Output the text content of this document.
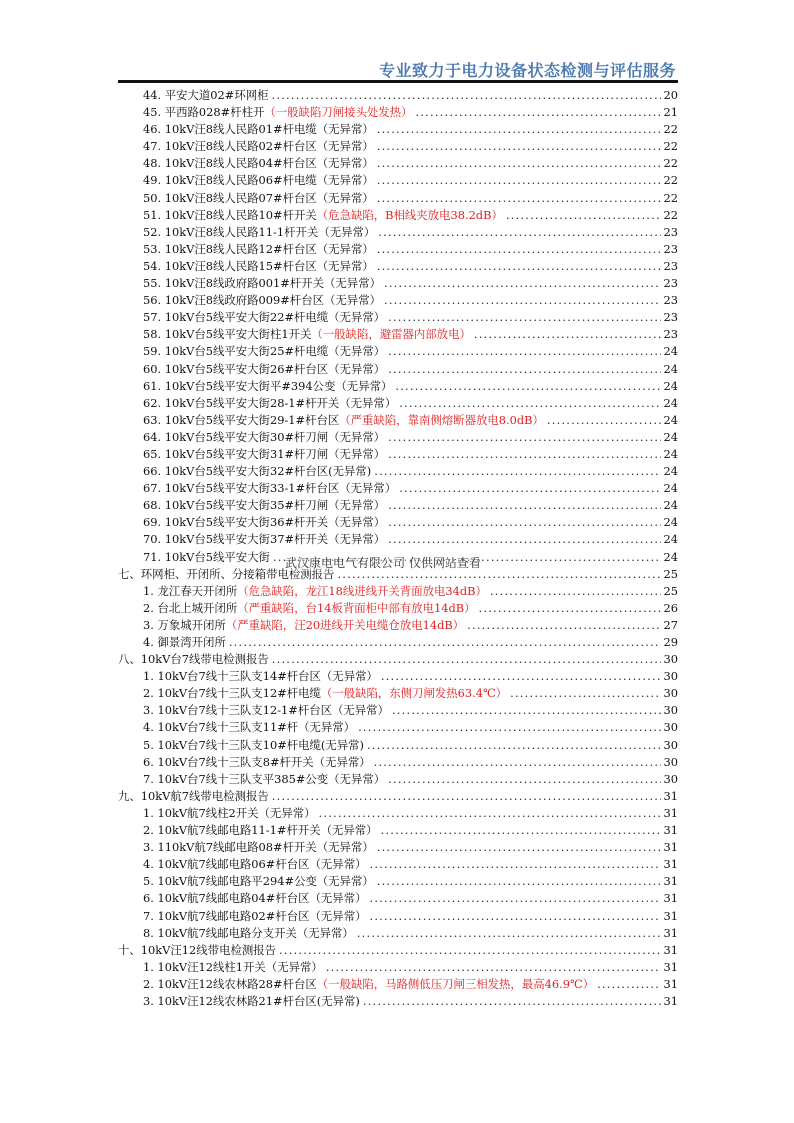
专业致力于电力设备状态检测与评估服务
44. 平安大道02#环网柜 . . .	20
45. 平西路028#杆柱开 （一般缺陷刀闸接头处发热） . . .	21
46. 10kV汪8线人民路01#杆电缆（无异常） . . .	22
47. 10kV汪8线人民路02#杆台区（无异常） . . .	22
48. 10kV汪8线人民路04#杆台区（无异常） . . .	22
49. 10kV汪8线人民路06#杆电缆（无异常） . . .	22
50. 10kV汪8线人民路07#杆台区（无异常） . . .	22
51. 10kV汪8线人民路10#杆开关 （危急缺陷，B相线夹放电38.2dB） . . .	22
52. 10kV汪8线人民路11-1杆开关（无异常） . . .	23
53. 10kV汪8线人民路12#杆台区（无异常） . . .	23
54. 10kV汪8线人民路15#杆台区（无异常） . . .	23
55. 10kV汪8线政府路001#杆开关（无异常） . . .	23
56. 10kV汪8线政府路009#杆台区（无异常） . . .	23
57. 10kV台5线平安大街22#杆电缆（无异常） . . .	23
58. 10kV台5线平安大街柱1开关 （一般缺陷，避雷器内部放电） . . .	23
59. 10kV台5线平安大街25#杆电缆（无异常） . . .	24
60. 10kV台5线平安大街26#杆台区（无异常） . . .	24
61. 10kV台5线平安大街平#394公变（无异常） . . .	24
62. 10kV台5线平安大街28-1#杆开关（无异常） . . .	24
63. 10kV台5线平安大街29-1#杆台区 （严重缺陷，靠南侧熔断器放电8.0dB） . . .	24
64. 10kV台5线平安大街30#杆刀闸（无异常） . . .	24
65. 10kV台5线平安大街31#杆刀闸（无异常） . . .	24
66. 10kV台5线平安大街32#杆台区(无异常) . . .	24
67. 10kV台5线平安大街33-1#杆台区（无异常） . . .	24
68. 10kV台5线平安大街35#杆刀闸（无异常） . . .	24
69. 10kV台5线平安大街36#杆开关（无异常） . . .	24
70. 10kV台5线平安大街37#杆开关（无异常） . . .	24
71. 10kV台5线平安大街 . . .	24
七、环网柜、开闭所、分接箱带电检测报告 . . .	25
1. 龙江春天开闭所 （危急缺陷，龙江18线进线开关背面放电34dB） . . .	25
2. 台北上城开闭所 （严重缺陷，台14板背面柜中部有放电14dB） . . .	26
3. 万象城开闭所 （严重缺陷，汪20进线开关电缆仓放电14dB） . . .	27
4. 御景湾开闭所 . . .	29
八、10kV台7线带电检测报告 . . .	30
1. 10kV台7线十三队支14#杆台区（无异常） . . .	30
2. 10kV台7线十三队支12#杆电缆 （一般缺陷，东侧刀闸发热63.4℃） . . .	30
3. 10kV台7线十三队支12-1#杆台区（无异常） . . .	30
4. 10kV台7线十三队支11#杆（无异常） . . .	30
5. 10kV台7线十三队支10#杆电缆(无异常) . . .	30
6. 10kV台7线十三队支8#杆开关（无异常） . . .	30
7. 10kV台7线十三队支平385#公变（无异常） . . .	30
九、10kV航7线带电检测报告 . . .	31
1. 10kV航7线柱2开关（无异常） . . .	31
2. 10kV航7线邮电路11-1#杆开关（无异常） . . .	31
3. 110kV航7线邮电路08#杆开关（无异常） . . .	31
4. 10kV航7线邮电路06#杆台区（无异常） . . .	31
5. 10kV航7线邮电路平294#公变（无异常） . . .	31
6. 10kV航7线邮电路04#杆台区（无异常） . . .	31
7. 10kV航7线邮电路02#杆台区（无异常） . . .	31
8. 10kV航7线邮电路分支开关（无异常） . . .	31
十、10kV汪12线带电检测报告 . . .	31
1. 10kV汪12线柱1开关（无异常） . . .	31
2. 10kV汪12线农林路28#杆台区 （一般缺陷，马路侧低压刀闸三相发热，最高46.9℃） . . .	31
3. 10kV汪12线农林路21#杆台区(无异常) . . .	31
武汉康电电气有限公司 仅供网站查看
